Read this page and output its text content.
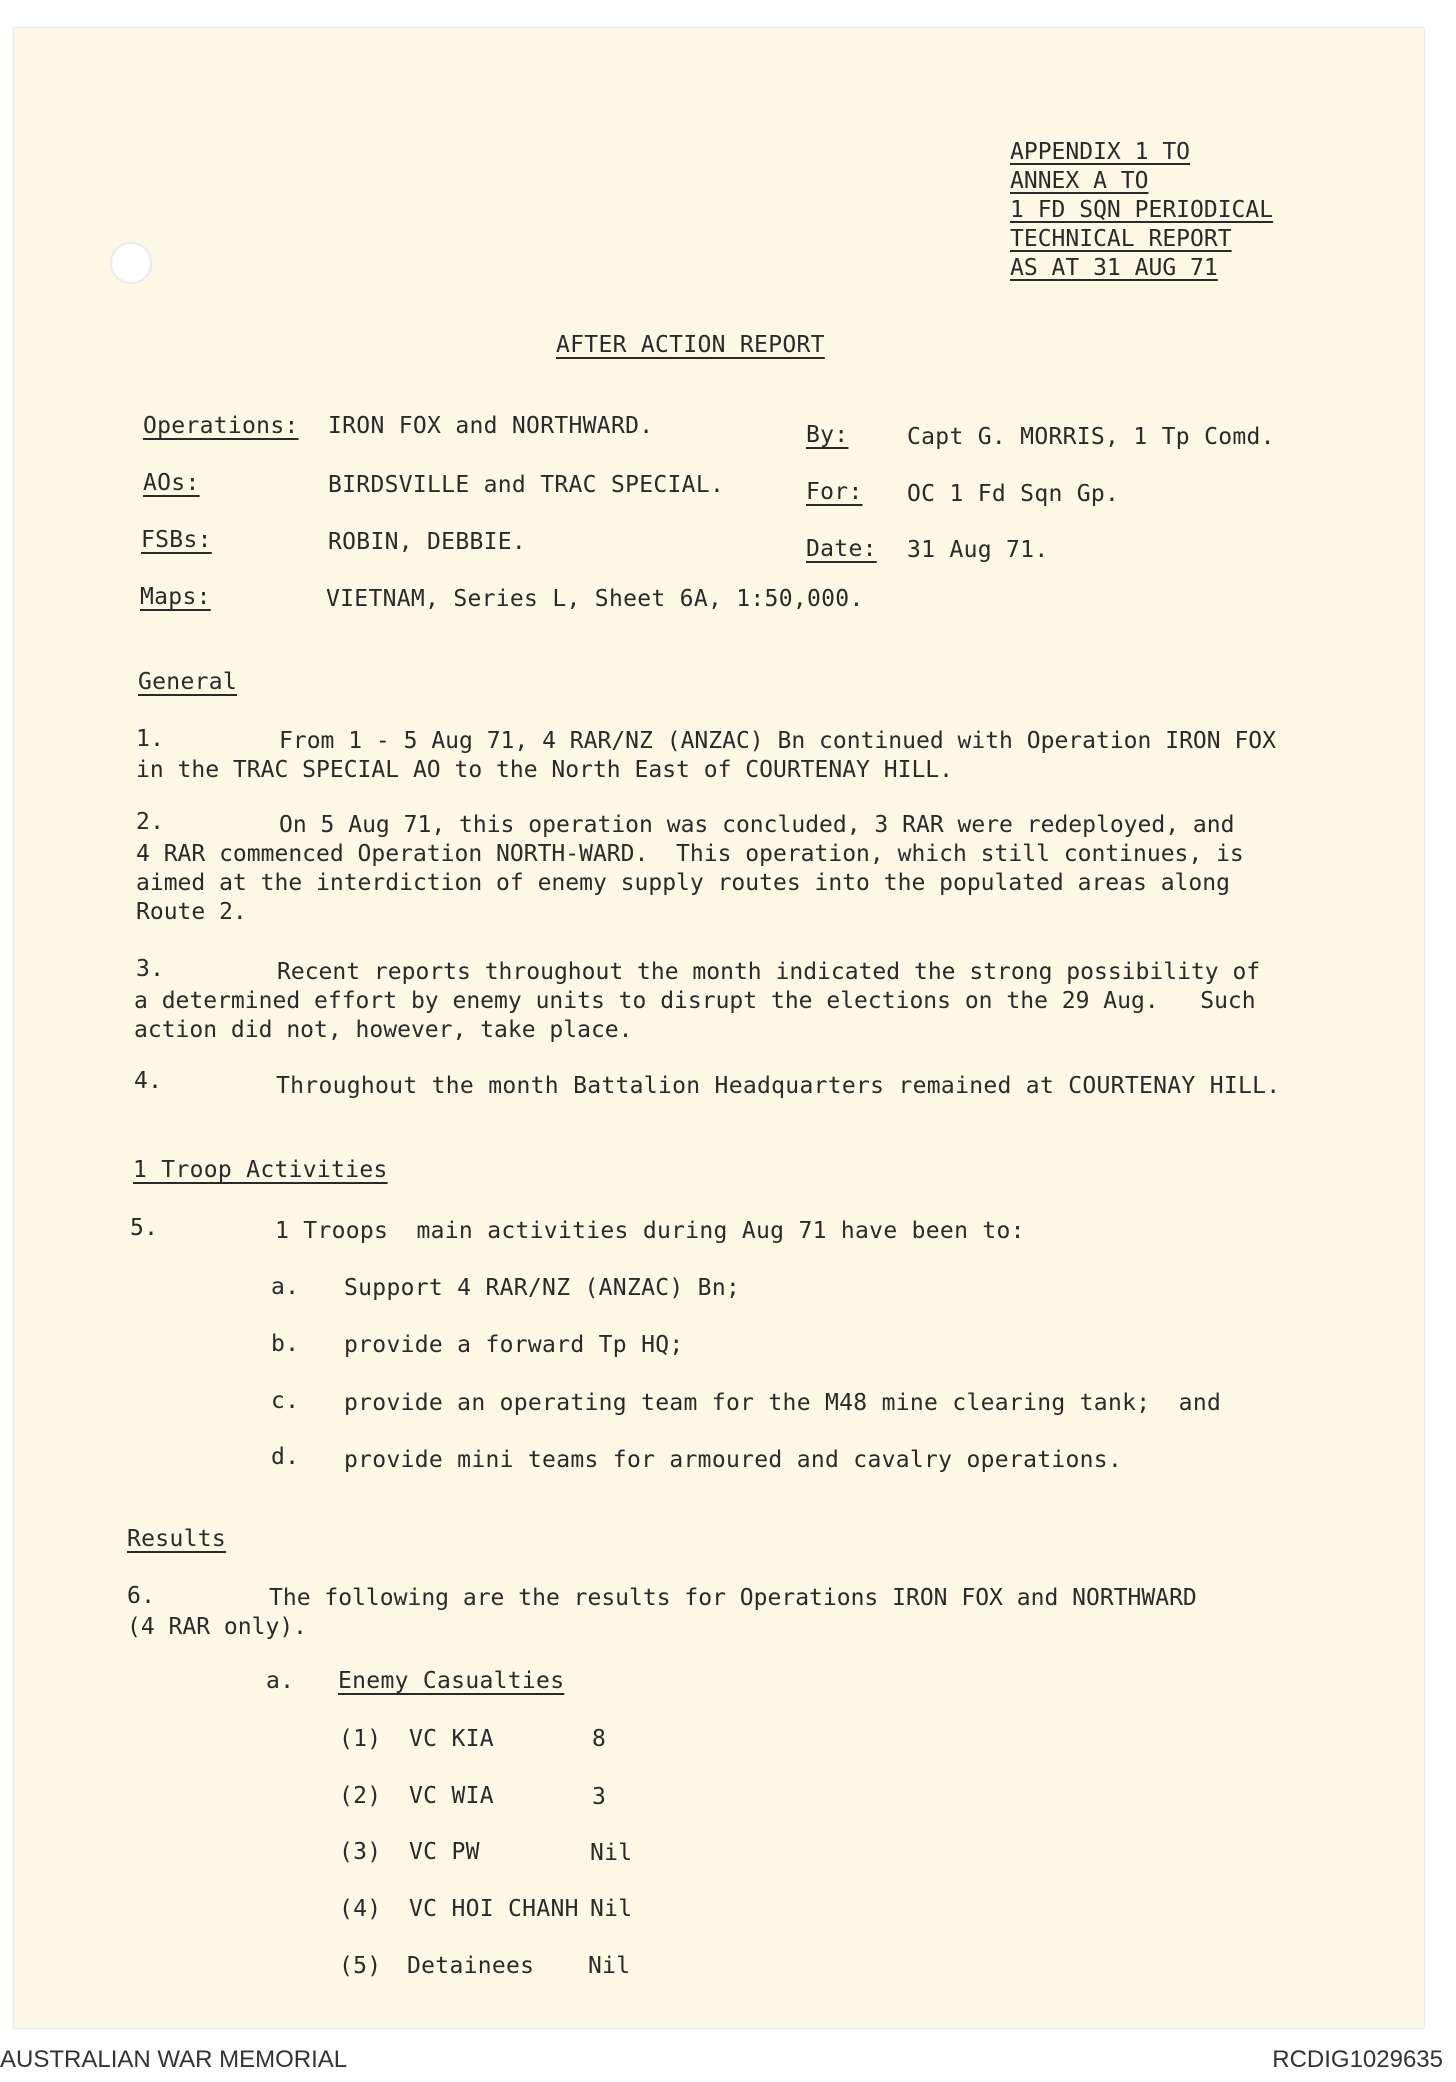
APPENDIX 1 TO
ANNEX A TO
1 FD SQN PERIODICAL
TECHNICAL REPORT
AS AT 31 AUG 71
AFTER ACTION REPORT
Operations: IRON FOX and NORTHWARD.
AOs:	BIRDSVILLE and TRAC SPECIAL.
FSBs:	ROBIN, DEBBIE.
Maps:	VIETNAM, Series L, Sheet 6A, 1:50,000.
By:	Capt G. MORRIS, 1 Tp Comd.
For: OC 1 Fd Sqn Gp.
Date: 31 Aug 71.
General
1.	From 1 - 5 Aug 71, 4 RAR/NZ (ANZAC) Bn continued with Operation IRON FOX
in the TRAC SPECIAL AO to the North East of COURTENAY HILL.
2.	On 5 Aug 71, this operation was concluded, 3 RAR were redeployed, and
4 RAR commenced Operation NORTH-WARD.  This operation, which still continues, is
aimed at the interdiction of enemy supply routes into the populated areas along
Route 2.
3.	Recent reports throughout the month indicated the strong possibility of
a determined effort by enemy units to disrupt the elections on the 29 Aug.   Such
action did not, however, take place.
4.	Throughout the month Battalion Headquarters remained at COURTENAY HILL.
1 Troop Activities
5.	1 Troops  main activities during Aug 71 have been to:
a. Support 4 RAR/NZ (ANZAC) Bn;
b. provide a forward Tp HQ;
c. provide an operating team for the M48 mine clearing tank;  and
d. provide mini teams for armoured and cavalry operations.
Results
6.	The following are the results for Operations IRON FOX and NORTHWARD
(4 RAR only).
a. Enemy Casualties
(1) VC KIA	8
(2) VC WIA	3
(3) VC PW	Nil
(4) VC HOI CHANH Nil
(5) Detainees Nil
AUSTRALIAN WAR MEMORIAL	RCDIG1029635
